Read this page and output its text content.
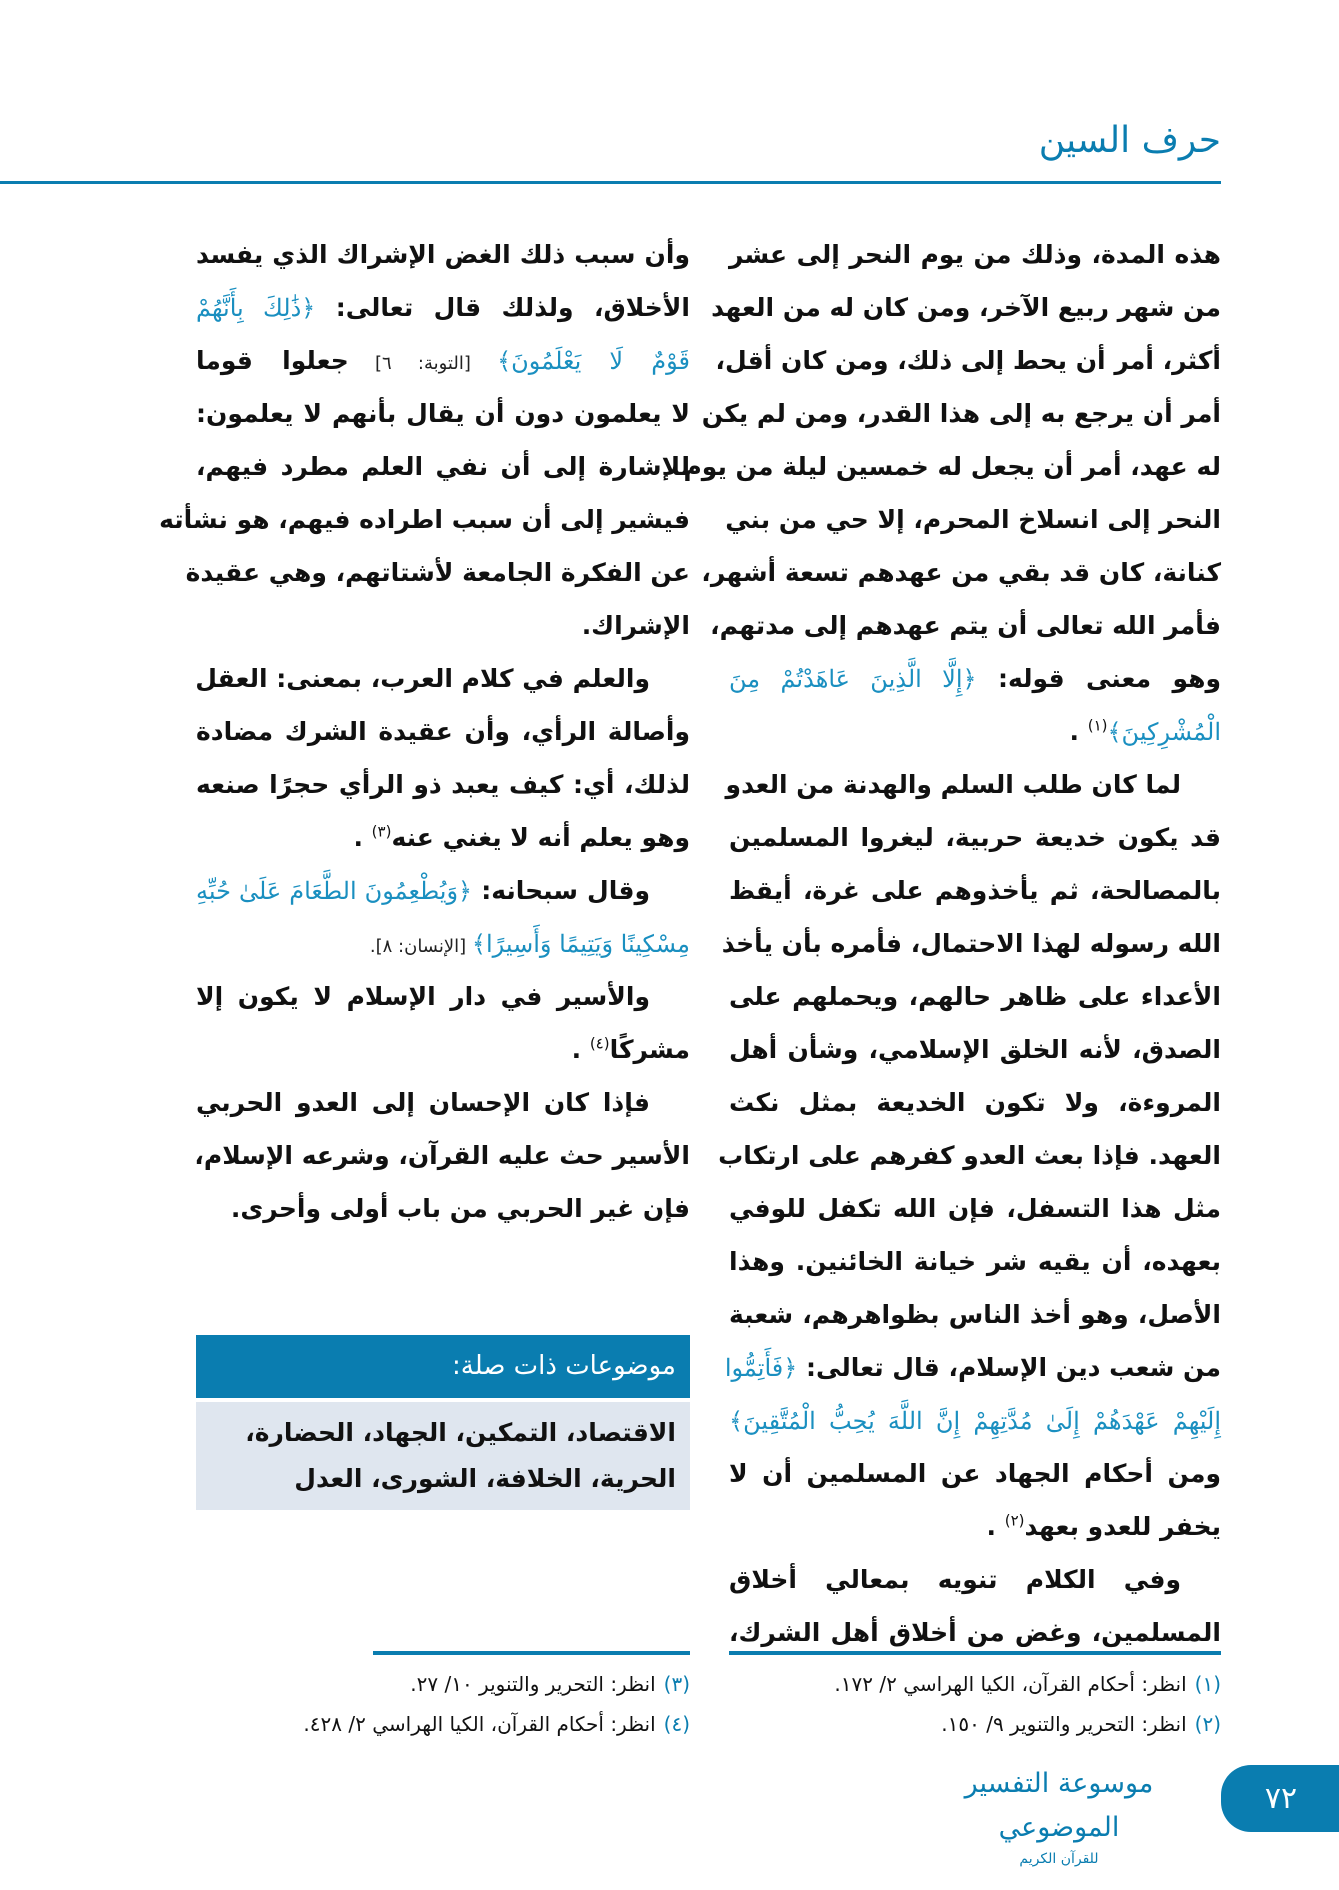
حرف السين
هذه المدة، وذلك من يوم النحر إلى عشر
من شهر ربيع الآخر، ومن كان له من العهد
أكثر، أمر أن يحط إلى ذلك، ومن كان أقل،
أمر أن يرجع به إلى هذا القدر، ومن لم يكن
له عهد، أمر أن يجعل له خمسين ليلة من يوم
النحر إلى انسلاخ المحرم، إلا حي من بني
كنانة، كان قد بقي من عهدهم تسعة أشهر،
فأمر الله تعالى أن يتم عهدهم إلى مدتهم،
وهو معنى قوله: ﴿إِلَّا الَّذِينَ عَاهَدْتُمْ مِنَ
الْمُشْرِكِينَ﴾$^{(١)}$ .
لما كان طلب السلم والهدنة من العدو
قد يكون خديعة حربية، ليغروا المسلمين
بالمصالحة، ثم يأخذوهم على غرة، أيقظ
الله رسوله لهذا الاحتمال، فأمره بأن يأخذ
الأعداء على ظاهر حالهم، ويحملهم على
الصدق، لأنه الخلق الإسلامي، وشأن أهل
المروءة، ولا تكون الخديعة بمثل نكث
العهد. فإذا بعث العدو كفرهم على ارتكاب
مثل هذا التسفل، فإن الله تكفل للوفي
بعهده، أن يقيه شر خيانة الخائنين. وهذا
الأصل، وهو أخذ الناس بظواهرهم، شعبة
من شعب دين الإسلام، قال تعالى: ﴿فَأَتِمُّوا
إِلَيْهِمْ عَهْدَهُمْ إِلَىٰ مُدَّتِهِمْ إِنَّ اللَّهَ يُحِبُّ الْمُتَّقِينَ﴾
ومن أحكام الجهاد عن المسلمين أن لا
يخفر للعدو بعهد$^{(٢)}$ .
وفي الكلام تنويه بمعالي أخلاق
المسلمين، وغض من أخلاق أهل الشرك،
وأن سبب ذلك الغض الإشراك الذي يفسد
الأخلاق، ولذلك قال تعالى: ﴿ذَٰلِكَ بِأَنَّهُمْ
قَوْمٌ لَا يَعْلَمُونَ﴾ [التوبة: ٦] جعلوا قوما
لا يعلمون دون أن يقال بأنهم لا يعلمون:
للإشارة إلى أن نفي العلم مطرد فيهم،
فيشير إلى أن سبب اطراده فيهم، هو نشأته
عن الفكرة الجامعة لأشتاتهم، وهي عقيدة
الإشراك.
والعلم في كلام العرب، بمعنى: العقل
وأصالة الرأي، وأن عقيدة الشرك مضادة
لذلك، أي: كيف يعبد ذو الرأي حجرًا صنعه
وهو يعلم أنه لا يغني عنه$^{(٣)}$ .
وقال سبحانه: ﴿وَيُطْعِمُونَ الطَّعَامَ عَلَىٰ حُبِّهِ
مِسْكِينًا وَيَتِيمًا وَأَسِيرًا﴾ [الإنسان: ٨].
والأسير في دار الإسلام لا يكون إلا
مشركًا$^{(٤)}$ .
فإذا كان الإحسان إلى العدو الحربي
الأسير حث عليه القرآن، وشرعه الإسلام،
فإن غير الحربي من باب أولى وأحرى.
موضوعات ذات صلة:
الاقتصاد، التمكين، الجهاد، الحضارة،
الحرية، الخلافة، الشورى، العدل
(١)انظر: أحكام القرآن، الكيا الهراسي ٢/ ١٧٢.
(٢)انظر: التحرير والتنوير ٩/ ١٥٠.
(٣)انظر: التحرير والتنوير ١٠/ ٢٧.
(٤)انظر: أحكام القرآن، الكيا الهراسي ٢/ ٤٢٨.
موسوعة التفسير الموضوعي
للقرآن الكريم
٧٢
